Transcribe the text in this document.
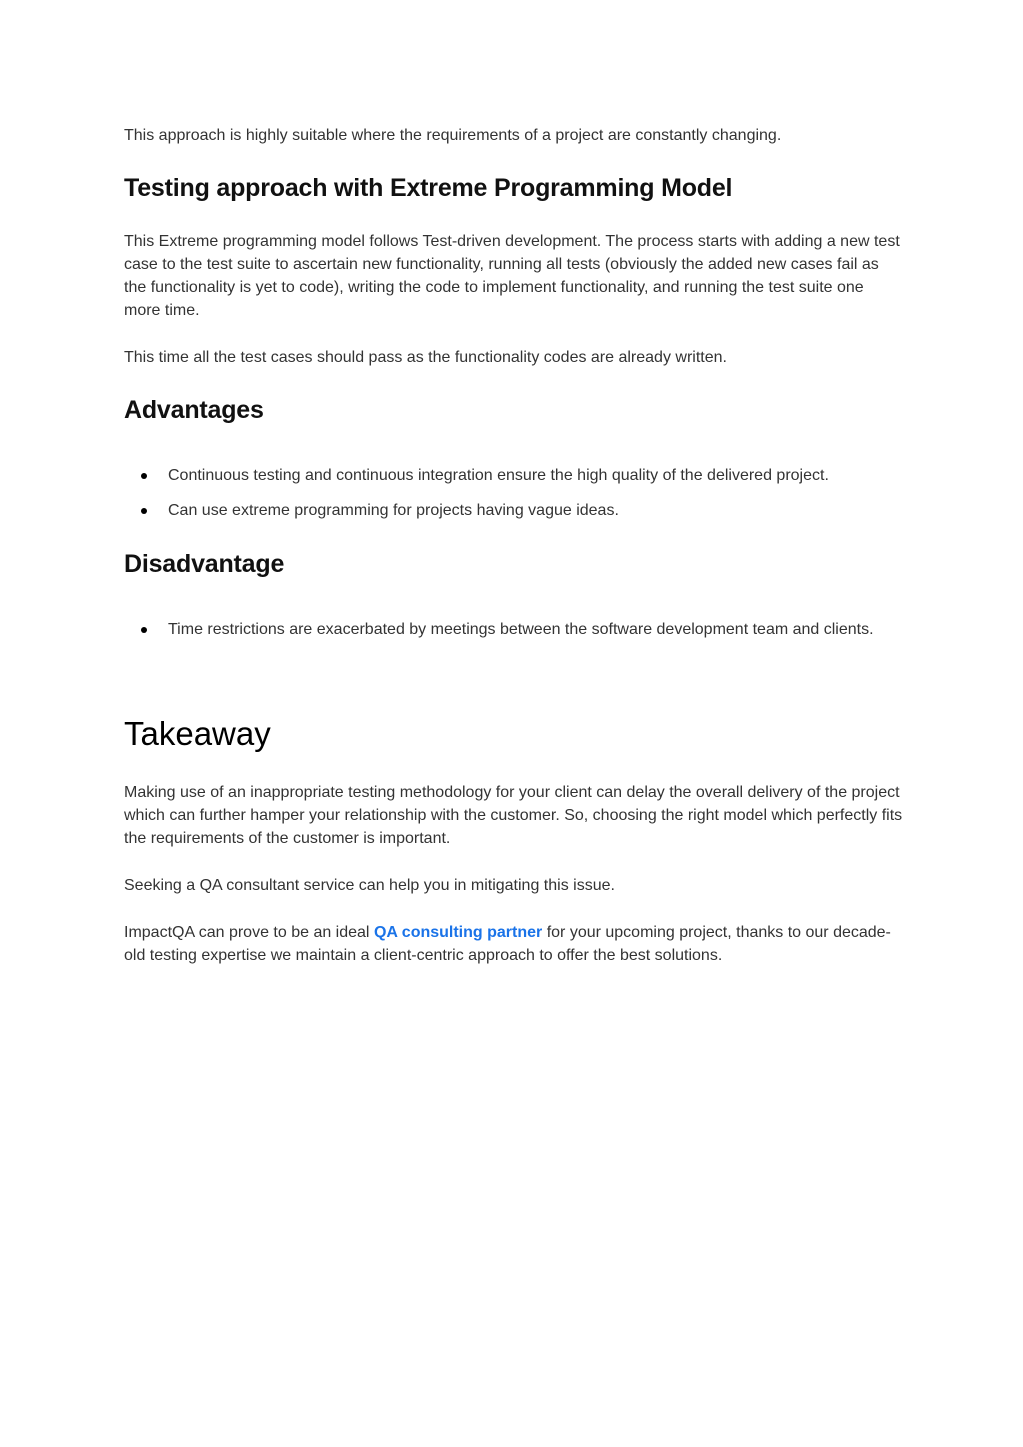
This approach is highly suitable where the requirements of a project are constantly changing.

Testing approach with Extreme Programming Model

This Extreme programming model follows Test-driven development. The process starts with adding a new test case to the test suite to ascertain new functionality, running all tests (obviously the added new cases fail as the functionality is yet to code), writing the code to implement functionality, and running the test suite one more time.

This time all the test cases should pass as the functionality codes are already written.

Advantages
Continuous testing and continuous integration ensure the high quality of the delivered project.
Can use extreme programming for projects having vague ideas.
Disadvantage
Time restrictions are exacerbated by meetings between the software development team and clients.
Takeaway

Making use of an inappropriate testing methodology for your client can delay the overall delivery of the project which can further hamper your relationship with the customer. So, choosing the right model which perfectly fits the requirements of the customer is important.

Seeking a QA consultant service can help you in mitigating this issue.

ImpactQA can prove to be an ideal QA consulting partner for your upcoming project, thanks to our decade-old testing expertise we maintain a client-centric approach to offer the best solutions.
